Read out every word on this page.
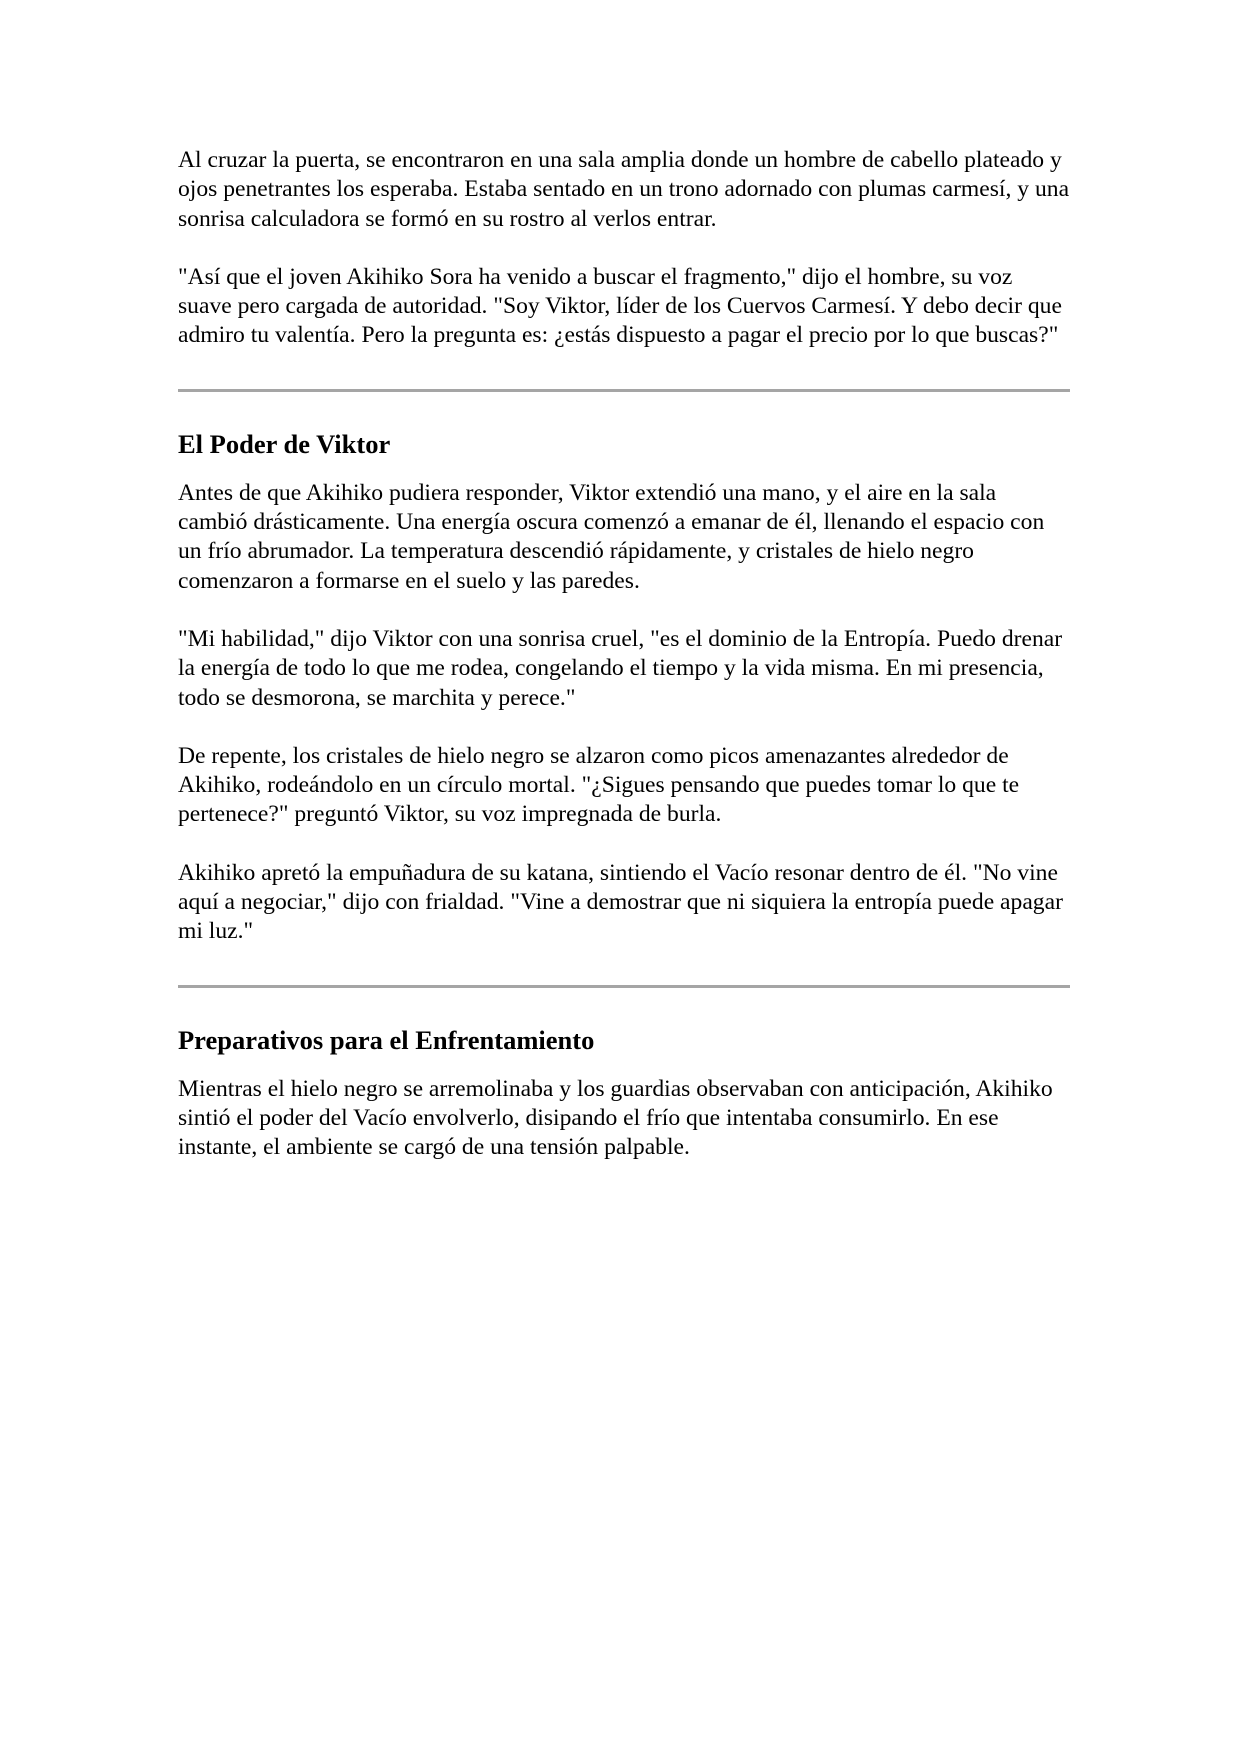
Al cruzar la puerta, se encontraron en una sala amplia donde un hombre de cabello plateado y ojos penetrantes los esperaba. Estaba sentado en un trono adornado con plumas carmesí, y una sonrisa calculadora se formó en su rostro al verlos entrar.

"Así que el joven Akihiko Sora ha venido a buscar el fragmento," dijo el hombre, su voz suave pero cargada de autoridad. "Soy Viktor, líder de los Cuervos Carmesí. Y debo decir que admiro tu valentía. Pero la pregunta es: ¿estás dispuesto a pagar el precio por lo que buscas?"

El Poder de Viktor

Antes de que Akihiko pudiera responder, Viktor extendió una mano, y el aire en la sala cambió drásticamente. Una energía oscura comenzó a emanar de él, llenando el espacio con un frío abrumador. La temperatura descendió rápidamente, y cristales de hielo negro comenzaron a formarse en el suelo y las paredes.

"Mi habilidad," dijo Viktor con una sonrisa cruel, "es el dominio de la Entropía. Puedo drenar la energía de todo lo que me rodea, congelando el tiempo y la vida misma. En mi presencia, todo se desmorona, se marchita y perece."

De repente, los cristales de hielo negro se alzaron como picos amenazantes alrededor de Akihiko, rodeándolo en un círculo mortal. "¿Sigues pensando que puedes tomar lo que te pertenece?" preguntó Viktor, su voz impregnada de burla.

Akihiko apretó la empuñadura de su katana, sintiendo el Vacío resonar dentro de él. "No vine aquí a negociar," dijo con frialdad. "Vine a demostrar que ni siquiera la entropía puede apagar mi luz."

Preparativos para el Enfrentamiento

Mientras el hielo negro se arremolinaba y los guardias observaban con anticipación, Akihiko sintió el poder del Vacío envolverlo, disipando el frío que intentaba consumirlo. En ese instante, el ambiente se cargó de una tensión palpable.
